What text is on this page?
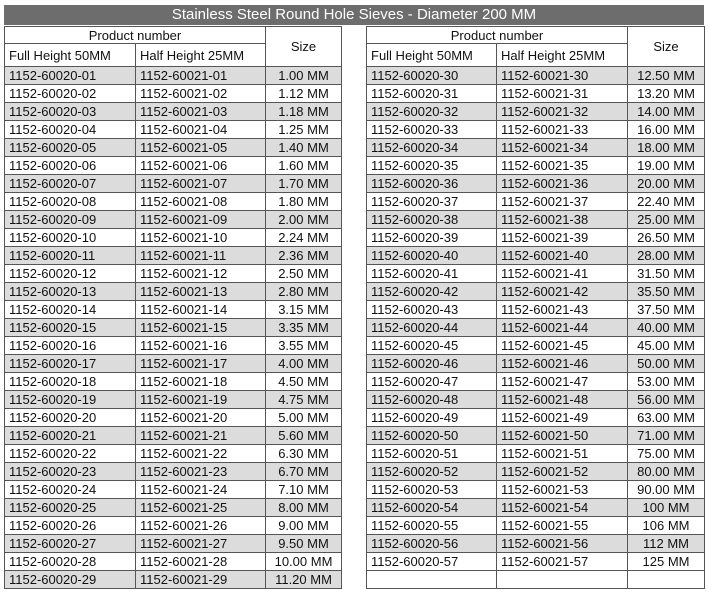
Stainless Steel Round Hole Sieves - Diameter 200 MM
Product number		Size
Full Height 50MM	Half Height 25MM	
1152-60020-01	1152-60021-01	1.00 MM
1152-60020-02	1152-60021-02	1.12 MM
1152-60020-03	1152-60021-03	1.18 MM
1152-60020-04	1152-60021-04	1.25 MM
1152-60020-05	1152-60021-05	1.40 MM
1152-60020-06	1152-60021-06	1.60 MM
1152-60020-07	1152-60021-07	1.70 MM
1152-60020-08	1152-60021-08	1.80 MM
1152-60020-09	1152-60021-09	2.00 MM
1152-60020-10	1152-60021-10	2.24 MM
1152-60020-11	1152-60021-11	2.36 MM
1152-60020-12	1152-60021-12	2.50 MM
1152-60020-13	1152-60021-13	2.80 MM
1152-60020-14	1152-60021-14	3.15 MM
1152-60020-15	1152-60021-15	3.35 MM
1152-60020-16	1152-60021-16	3.55 MM
1152-60020-17	1152-60021-17	4.00 MM
1152-60020-18	1152-60021-18	4.50 MM
1152-60020-19	1152-60021-19	4.75 MM
1152-60020-20	1152-60021-20	5.00 MM
1152-60020-21	1152-60021-21	5.60 MM
1152-60020-22	1152-60021-22	6.30 MM
1152-60020-23	1152-60021-23	6.70 MM
1152-60020-24	1152-60021-24	7.10 MM
1152-60020-25	1152-60021-25	8.00 MM
1152-60020-26	1152-60021-26	9.00 MM
1152-60020-27	1152-60021-27	9.50 MM
1152-60020-28	1152-60021-28	10.00 MM
1152-60020-29	1152-60021-29	11.20 MM
Product number		Size
Full Height 50MM	Half Height 25MM	
1152-60020-30	1152-60021-30	12.50 MM
1152-60020-31	1152-60021-31	13.20 MM
1152-60020-32	1152-60021-32	14.00 MM
1152-60020-33	1152-60021-33	16.00 MM
1152-60020-34	1152-60021-34	18.00 MM
1152-60020-35	1152-60021-35	19.00 MM
1152-60020-36	1152-60021-36	20.00 MM
1152-60020-37	1152-60021-37	22.40 MM
1152-60020-38	1152-60021-38	25.00 MM
1152-60020-39	1152-60021-39	26.50 MM
1152-60020-40	1152-60021-40	28.00 MM
1152-60020-41	1152-60021-41	31.50 MM
1152-60020-42	1152-60021-42	35.50 MM
1152-60020-43	1152-60021-43	37.50 MM
1152-60020-44	1152-60021-44	40.00 MM
1152-60020-45	1152-60021-45	45.00 MM
1152-60020-46	1152-60021-46	50.00 MM
1152-60020-47	1152-60021-47	53.00 MM
1152-60020-48	1152-60021-48	56.00 MM
1152-60020-49	1152-60021-49	63.00 MM
1152-60020-50	1152-60021-50	71.00 MM
1152-60020-51	1152-60021-51	75.00 MM
1152-60020-52	1152-60021-52	80.00 MM
1152-60020-53	1152-60021-53	90.00 MM
1152-60020-54	1152-60021-54	100 MM
1152-60020-55	1152-60021-55	106 MM
1152-60020-56	1152-60021-56	112 MM
1152-60020-57	1152-60021-57	125 MM
